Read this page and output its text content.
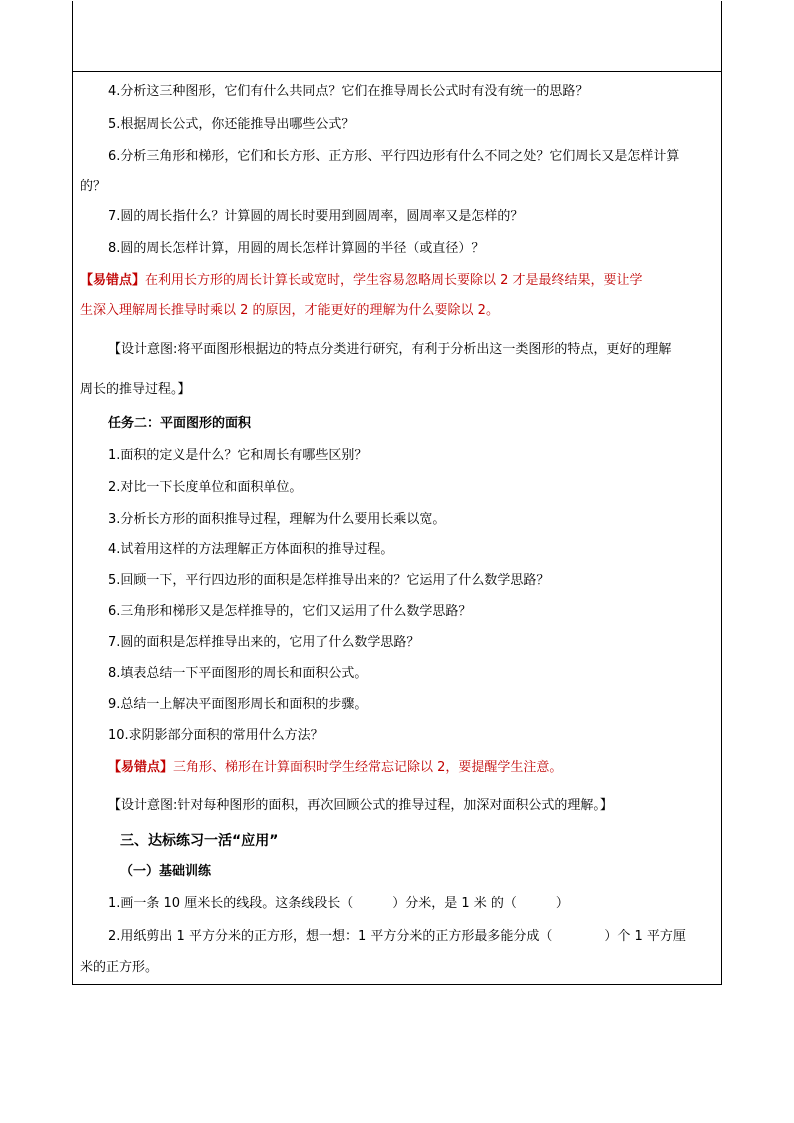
4.分析这三种图形，它们有什么共同点？它们在推导周长公式时有没有统一的思路？
5.根据周长公式，你还能推导出哪些公式？
6.分析三角形和梯形，它们和长方形、正方形、平行四边形有什么不同之处？它们周长又是怎样计算
的？
7.圆的周长指什么？计算圆的周长时要用到圆周率，圆周率又是怎样的？
8.圆的周长怎样计算，用圆的周长怎样计算圆的半径（或直径）？
【易错点】在利用长方形的周长计算长或宽时，学生容易忽略周长要除以 2 才是最终结果，要让学
生深入理解周长推导时乘以 2 的原因，才能更好的理解为什么要除以 2。
【设计意图:将平面图形根据边的特点分类进行研究，有利于分析出这一类图形的特点，更好的理解
周长的推导过程。】
任务二：平面图形的面积
1.面积的定义是什么？它和周长有哪些区别？
2.对比一下长度单位和面积单位。
3.分析长方形的面积推导过程，理解为什么要用长乘以宽。
4.试着用这样的方法理解正方体面积的推导过程。
5.回顾一下，平行四边形的面积是怎样推导出来的？它运用了什么数学思路？
6.三角形和梯形又是怎样推导的，它们又运用了什么数学思路？
7.圆的面积是怎样推导出来的，它用了什么数学思路？
8.填表总结一下平面图形的周长和面积公式。
9.总结一上解决平面图形周长和面积的步骤。
10.求阴影部分面积的常用什么方法？
【易错点】三角形、梯形在计算面积时学生经常忘记除以 2，要提醒学生注意。
【设计意图:针对每种图形的面积，再次回顾公式的推导过程，加深对面积公式的理解。】
三、达标练习一活“应用”
（一）基础训练
1.画一条 10 厘米长的线段。这条线段长（　　　）分米，是 1 米 的（　　　）
2.用纸剪出 1 平方分米的正方形，想一想：1 平方分米的正方形最多能分成（　　　　）个 1 平方厘
米的正方形。
